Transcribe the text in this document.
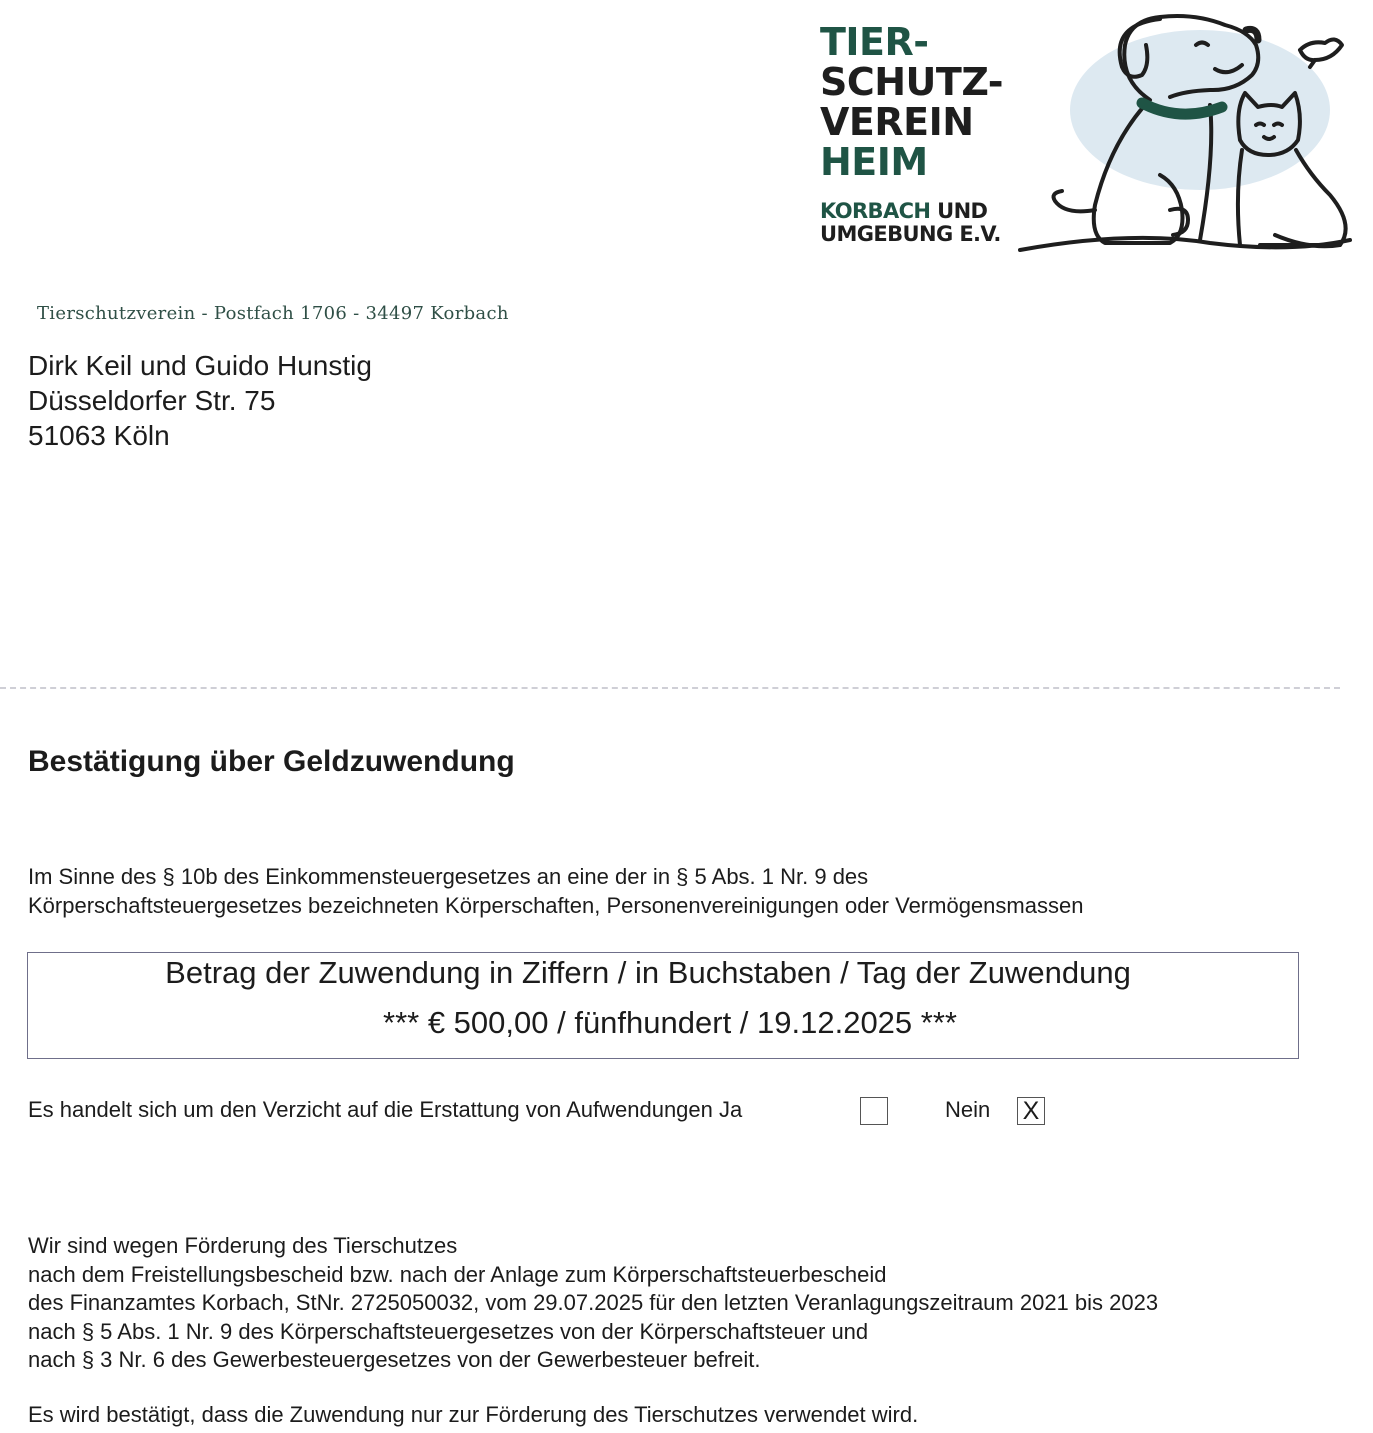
TIER-
SCHUTZ-
VEREIN
HEIM
KORBACH UND
UMGEBUNG E.V.
Tierschutzverein - Postfach 1706 - 34497 Korbach
Dirk Keil und Guido Hunstig
Düsseldorfer Str. 75
51063 Köln
Bestätigung über Geldzuwendung
Im Sinne des § 10b des Einkommensteuergesetzes an eine der in § 5 Abs. 1 Nr. 9 des
Körperschaftsteuergesetzes bezeichneten Körperschaften, Personenvereinigungen oder Vermögensmassen
Betrag der Zuwendung in Ziffern / in Buchstaben / Tag der Zuwendung
*** € 500,00 / fünfhundert / 19.12.2025 ***
Es handelt sich um den Verzicht auf die Erstattung von Aufwendungen Ja	Nein X
Wir sind wegen Förderung des Tierschutzes
nach dem Freistellungsbescheid bzw. nach der Anlage zum Körperschaftsteuerbescheid
des Finanzamtes Korbach, StNr. 2725050032, vom 29.07.2025 für den letzten Veranlagungszeitraum 2021 bis 2023
nach § 5 Abs. 1 Nr. 9 des Körperschaftsteuergesetzes von der Körperschaftsteuer und
nach § 3 Nr. 6 des Gewerbesteuergesetzes von der Gewerbesteuer befreit.
Es wird bestätigt, dass die Zuwendung nur zur Förderung des Tierschutzes verwendet wird.
